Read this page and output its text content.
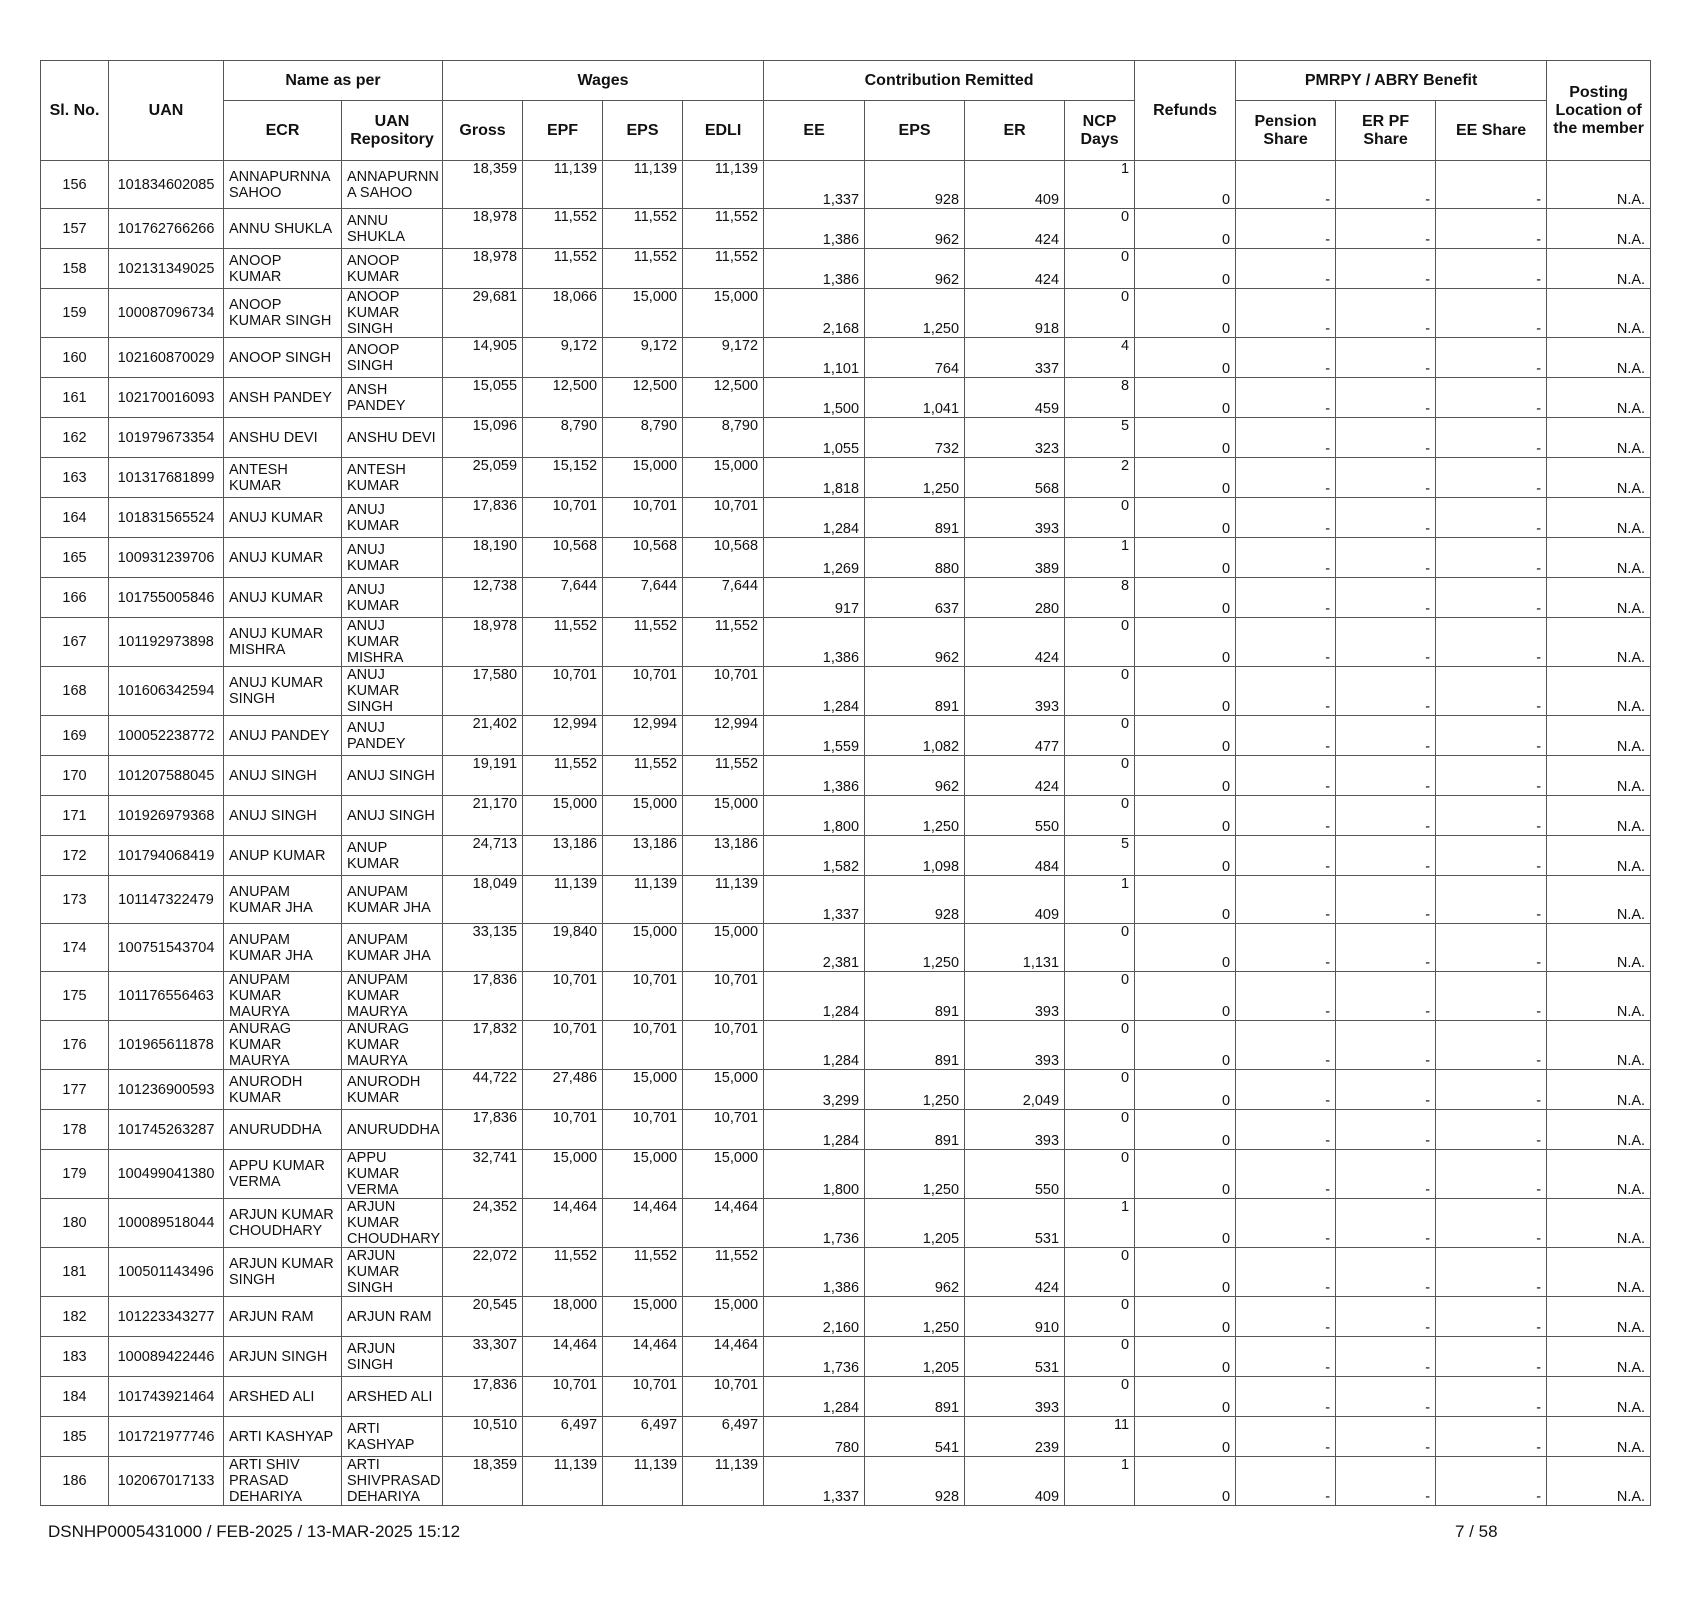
Sl. No.	UAN	Name as per		Wages				Contribution Remitted				Refunds	PMRPY / ABRY Benefit			Posting Location of the member
		ECR	UAN Repository	Gross	EPF	EPS	EDLI	EE	EPS	ER	NCP Days		Pension Share	ER PF Share	EE Share	
156	101834602085	ANNAPURNNA SAHOO	ANNAPURNN A SAHOO	18,359	11,139	11,139	11,139	1,337	928	409	1	0	-	-	-	N.A.
157	101762766266	ANNU SHUKLA	ANNU SHUKLA	18,978	11,552	11,552	11,552	1,386	962	424	0	0	-	-	-	N.A.
158	102131349025	ANOOP KUMAR	ANOOP KUMAR	18,978	11,552	11,552	11,552	1,386	962	424	0	0	-	-	-	N.A.
159	100087096734	ANOOP KUMAR SINGH	ANOOP KUMAR SINGH	29,681	18,066	15,000	15,000	2,168	1,250	918	0	0	-	-	-	N.A.
160	102160870029	ANOOP SINGH	ANOOP SINGH	14,905	9,172	9,172	9,172	1,101	764	337	4	0	-	-	-	N.A.
161	102170016093	ANSH PANDEY	ANSH PANDEY	15,055	12,500	12,500	12,500	1,500	1,041	459	8	0	-	-	-	N.A.
162	101979673354	ANSHU DEVI	ANSHU DEVI	15,096	8,790	8,790	8,790	1,055	732	323	5	0	-	-	-	N.A.
163	101317681899	ANTESH KUMAR	ANTESH KUMAR	25,059	15,152	15,000	15,000	1,818	1,250	568	2	0	-	-	-	N.A.
164	101831565524	ANUJ KUMAR	ANUJ KUMAR	17,836	10,701	10,701	10,701	1,284	891	393	0	0	-	-	-	N.A.
165	100931239706	ANUJ KUMAR	ANUJ KUMAR	18,190	10,568	10,568	10,568	1,269	880	389	1	0	-	-	-	N.A.
166	101755005846	ANUJ KUMAR	ANUJ KUMAR	12,738	7,644	7,644	7,644	917	637	280	8	0	-	-	-	N.A.
167	101192973898	ANUJ KUMAR MISHRA	ANUJ KUMAR MISHRA	18,978	11,552	11,552	11,552	1,386	962	424	0	0	-	-	-	N.A.
168	101606342594	ANUJ KUMAR SINGH	ANUJ KUMAR SINGH	17,580	10,701	10,701	10,701	1,284	891	393	0	0	-	-	-	N.A.
169	100052238772	ANUJ PANDEY	ANUJ PANDEY	21,402	12,994	12,994	12,994	1,559	1,082	477	0	0	-	-	-	N.A.
170	101207588045	ANUJ SINGH	ANUJ SINGH	19,191	11,552	11,552	11,552	1,386	962	424	0	0	-	-	-	N.A.
171	101926979368	ANUJ SINGH	ANUJ SINGH	21,170	15,000	15,000	15,000	1,800	1,250	550	0	0	-	-	-	N.A.
172	101794068419	ANUP KUMAR	ANUP KUMAR	24,713	13,186	13,186	13,186	1,582	1,098	484	5	0	-	-	-	N.A.
173	101147322479	ANUPAM KUMAR JHA	ANUPAM KUMAR JHA	18,049	11,139	11,139	11,139	1,337	928	409	1	0	-	-	-	N.A.
174	100751543704	ANUPAM KUMAR JHA	ANUPAM KUMAR JHA	33,135	19,840	15,000	15,000	2,381	1,250	1,131	0	0	-	-	-	N.A.
175	101176556463	ANUPAM KUMAR MAURYA	ANUPAM KUMAR MAURYA	17,836	10,701	10,701	10,701	1,284	891	393	0	0	-	-	-	N.A.
176	101965611878	ANURAG KUMAR MAURYA	ANURAG KUMAR MAURYA	17,832	10,701	10,701	10,701	1,284	891	393	0	0	-	-	-	N.A.
177	101236900593	ANURODH KUMAR	ANURODH KUMAR	44,722	27,486	15,000	15,000	3,299	1,250	2,049	0	0	-	-	-	N.A.
178	101745263287	ANURUDDHA	ANURUDDHA	17,836	10,701	10,701	10,701	1,284	891	393	0	0	-	-	-	N.A.
179	100499041380	APPU KUMAR VERMA	APPU KUMAR VERMA	32,741	15,000	15,000	15,000	1,800	1,250	550	0	0	-	-	-	N.A.
180	100089518044	ARJUN KUMAR CHOUDHARY	ARJUN KUMAR CHOUDHARY	24,352	14,464	14,464	14,464	1,736	1,205	531	1	0	-	-	-	N.A.
181	100501143496	ARJUN KUMAR SINGH	ARJUN KUMAR SINGH	22,072	11,552	11,552	11,552	1,386	962	424	0	0	-	-	-	N.A.
182	101223343277	ARJUN RAM	ARJUN RAM	20,545	18,000	15,000	15,000	2,160	1,250	910	0	0	-	-	-	N.A.
183	100089422446	ARJUN SINGH	ARJUN SINGH	33,307	14,464	14,464	14,464	1,736	1,205	531	0	0	-	-	-	N.A.
184	101743921464	ARSHED ALI	ARSHED ALI	17,836	10,701	10,701	10,701	1,284	891	393	0	0	-	-	-	N.A.
185	101721977746	ARTI KASHYAP	ARTI KASHYAP	10,510	6,497	6,497	6,497	780	541	239	11	0	-	-	-	N.A.
186	102067017133	ARTI SHIV PRASAD DEHARIYA	ARTI SHIVPRASAD DEHARIYA	18,359	11,139	11,139	11,139	1,337	928	409	1	0	-	-	-	N.A.
DSNHP0005431000 / FEB-2025 / 13-MAR-2025 15:12	7 / 58
